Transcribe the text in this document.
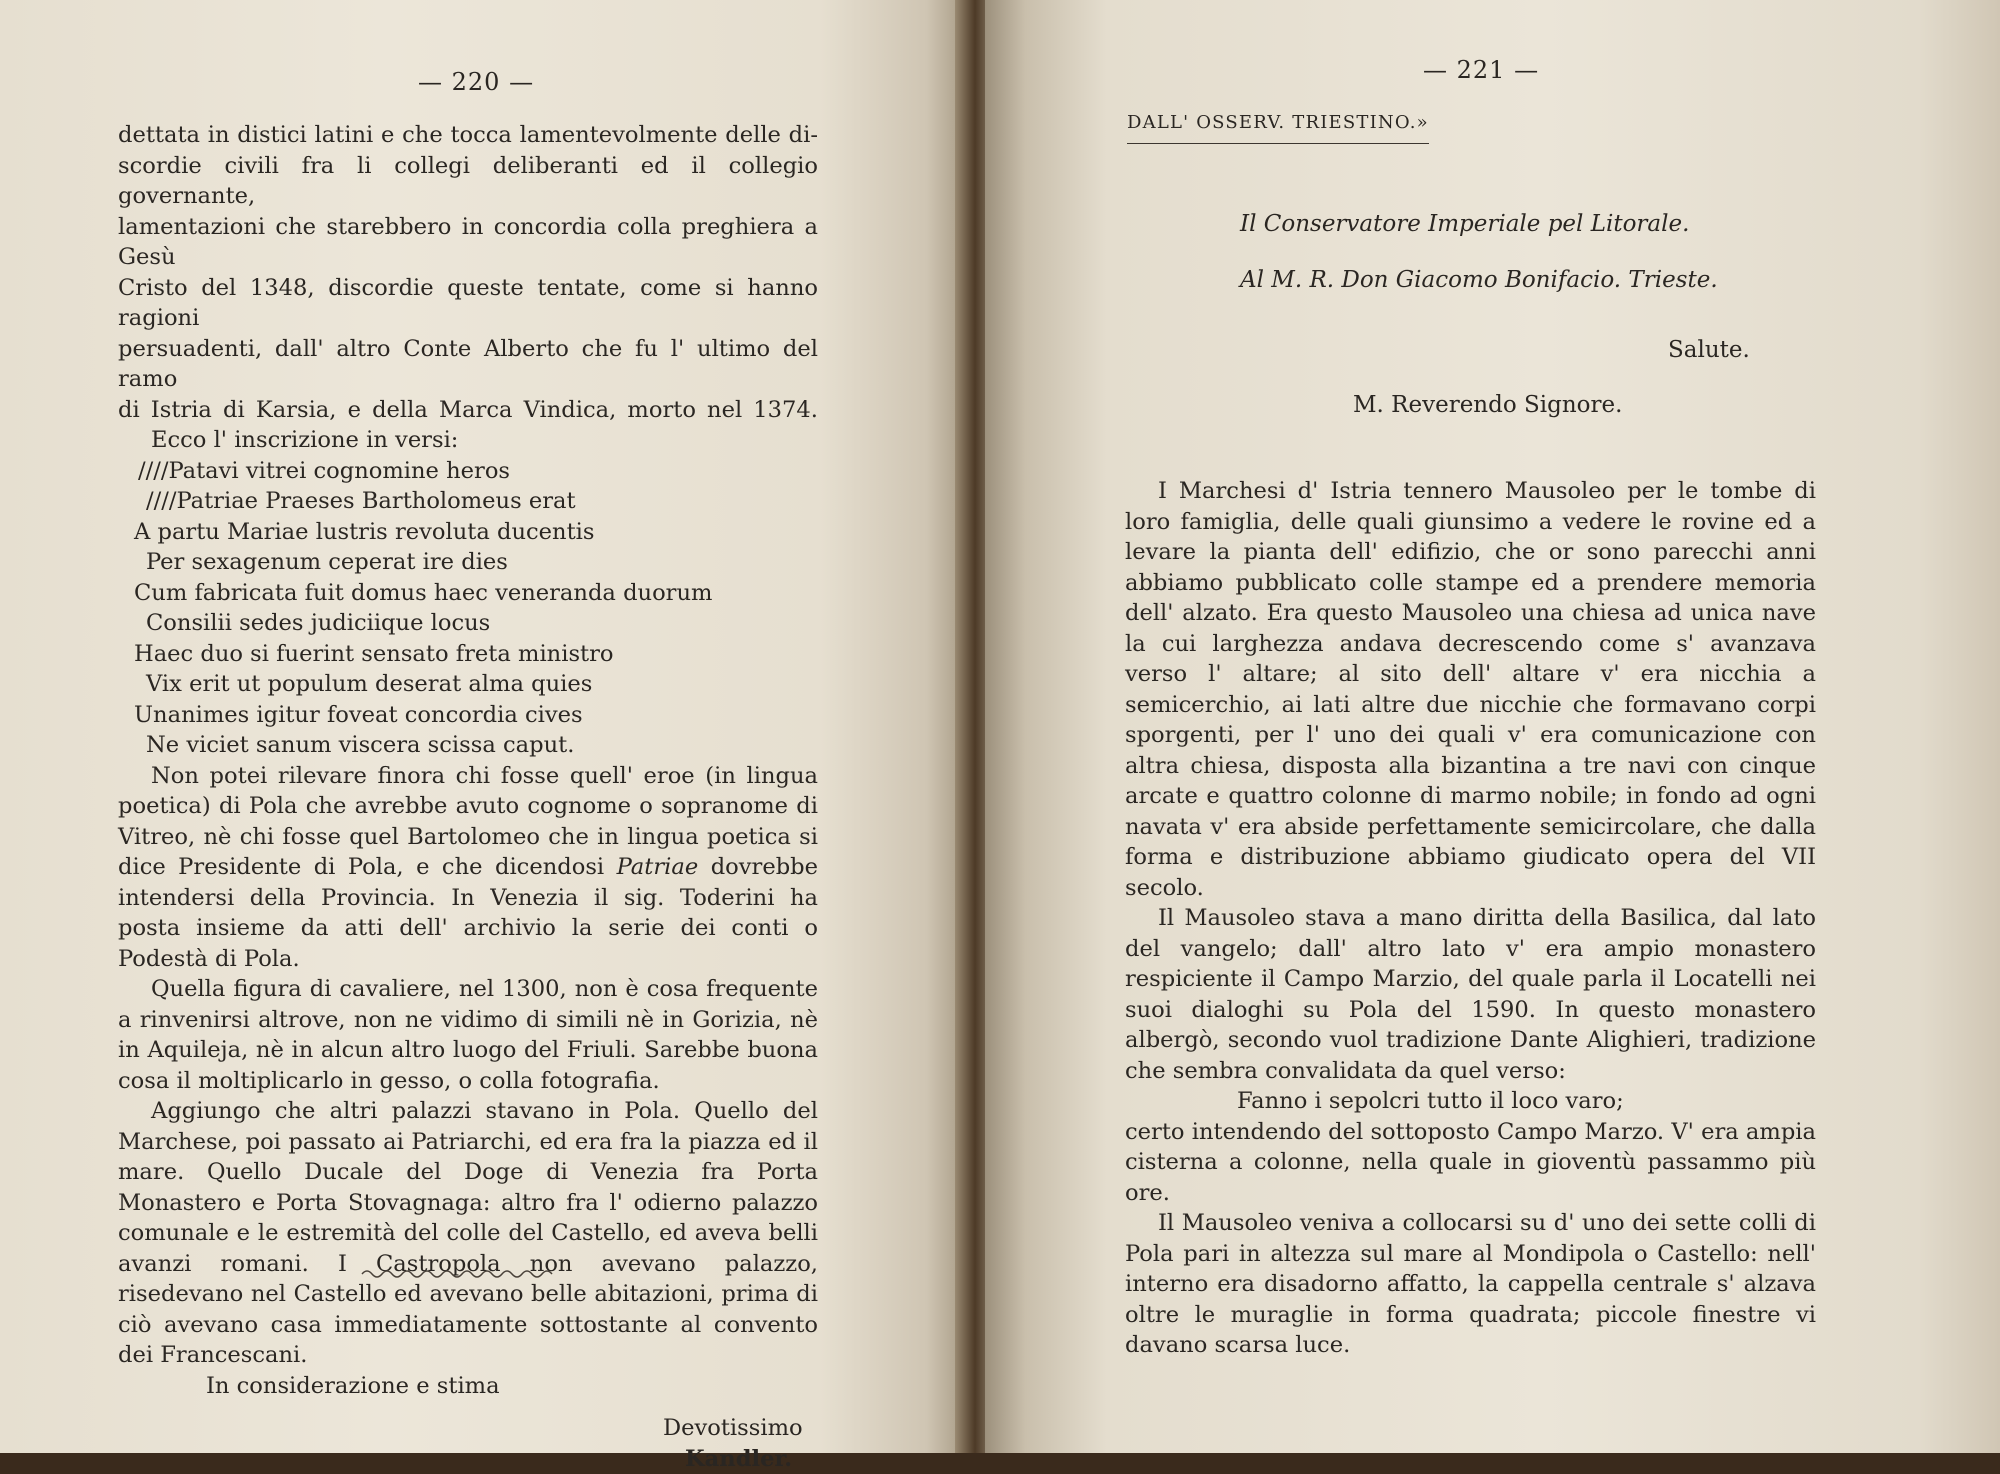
— 220 —
dettata in distici latini e che tocca lamentevolmente delle di-
scordie civili fra li collegi deliberanti ed il collegio governante,
lamentazioni che starebbero in concordia colla preghiera a Gesù
Cristo del 1348, discordie queste tentate, come si hanno ragioni
persuadenti, dall' altro Conte Alberto che fu l' ultimo del ramo
di Istria di Karsia, e della Marca Vindica, morto nel 1374.

Ecco l' inscrizione in versi:

////Patavi vitrei cognomine heros
////Patriae Praeses Bartholomeus erat
A partu Mariae lustris revoluta ducentis
Per sexagenum ceperat ire dies
Cum fabricata fuit domus haec veneranda duorum
Consilii sedes judiciique locus
Haec duo si fuerint sensato freta ministro
Vix erit ut populum deserat alma quies
Unanimes igitur foveat concordia cives
Ne viciet sanum viscera scissa caput.

Non potei rilevare finora chi fosse quell' eroe (in lingua poetica) di Pola che avrebbe avuto cognome o sopranome di Vitreo, nè chi fosse quel Bartolomeo che in lingua poetica si dice Presidente di Pola, e che dicendosi Patriae dovrebbe intendersi della Provincia. In Venezia il sig. Toderini ha posta insieme da atti dell' archivio la serie dei conti o Podestà di Pola.

Quella figura di cavaliere, nel 1300, non è cosa frequente a rinvenirsi altrove, non ne vidimo di simili nè in Gorizia, nè in Aquileja, nè in alcun altro luogo del Friuli. Sarebbe buona cosa il moltiplicarlo in gesso, o colla fotografia.

Aggiungo che altri palazzi stavano in Pola. Quello del Marchese, poi passato ai Patriarchi, ed era fra la piazza ed il mare. Quello Ducale del Doge di Venezia fra Porta Monastero e Porta Stovagnaga: altro fra l' odierno palazzo comunale e le estremità del colle del Castello, ed aveva belli avanzi romani. I Castropola non avevano palazzo, risedevano nel Castello ed avevano belle abitazioni, prima di ciò avevano casa immediatamente sottostante al convento dei Francescani.

In considerazione e stima

Devotissimo

Kandler.

— 221 —
DALL' OSSERV. TRIESTINO.»
Il Conservatore Imperiale pel Litorale.
Al M. R. Don Giacomo Bonifacio. Trieste.
Salute.
M. Reverendo Signore.

I Marchesi d' Istria tennero Mausoleo per le tombe di loro famiglia, delle quali giunsimo a vedere le rovine ed a levare la pianta dell' edifizio, che or sono parecchi anni abbiamo pubblicato colle stampe ed a prendere memoria dell' alzato. Era questo Mausoleo una chiesa ad unica nave la cui larghezza andava decrescendo come s' avanzava verso l' altare; al sito dell' altare v' era nicchia a semicerchio, ai lati altre due nicchie che formavano corpi sporgenti, per l' uno dei quali v' era comunicazione con altra chiesa, disposta alla bizantina a tre navi con cinque arcate e quattro colonne di marmo nobile; in fondo ad ogni navata v' era abside perfettamente semicircolare, che dalla forma e distribuzione abbiamo giudicato opera del VII secolo.

Il Mausoleo stava a mano diritta della Basilica, dal lato del vangelo; dall' altro lato v' era ampio monastero respiciente il Campo Marzio, del quale parla il Locatelli nei suoi dialoghi su Pola del 1590. In questo monastero albergò, secondo vuol tradizione Dante Alighieri, tradizione che sembra convalidata da quel verso:

Fanno i sepolcri tutto il loco varo;

certo intendendo del sottoposto Campo Marzo. V' era ampia cisterna a colonne, nella quale in gioventù passammo più ore.

Il Mausoleo veniva a collocarsi su d' uno dei sette colli di Pola pari in altezza sul mare al Mondipola o Castello: nell' interno era disadorno affatto, la cappella centrale s' alzava oltre le muraglie in forma quadrata; piccole finestre vi davano scarsa luce.
